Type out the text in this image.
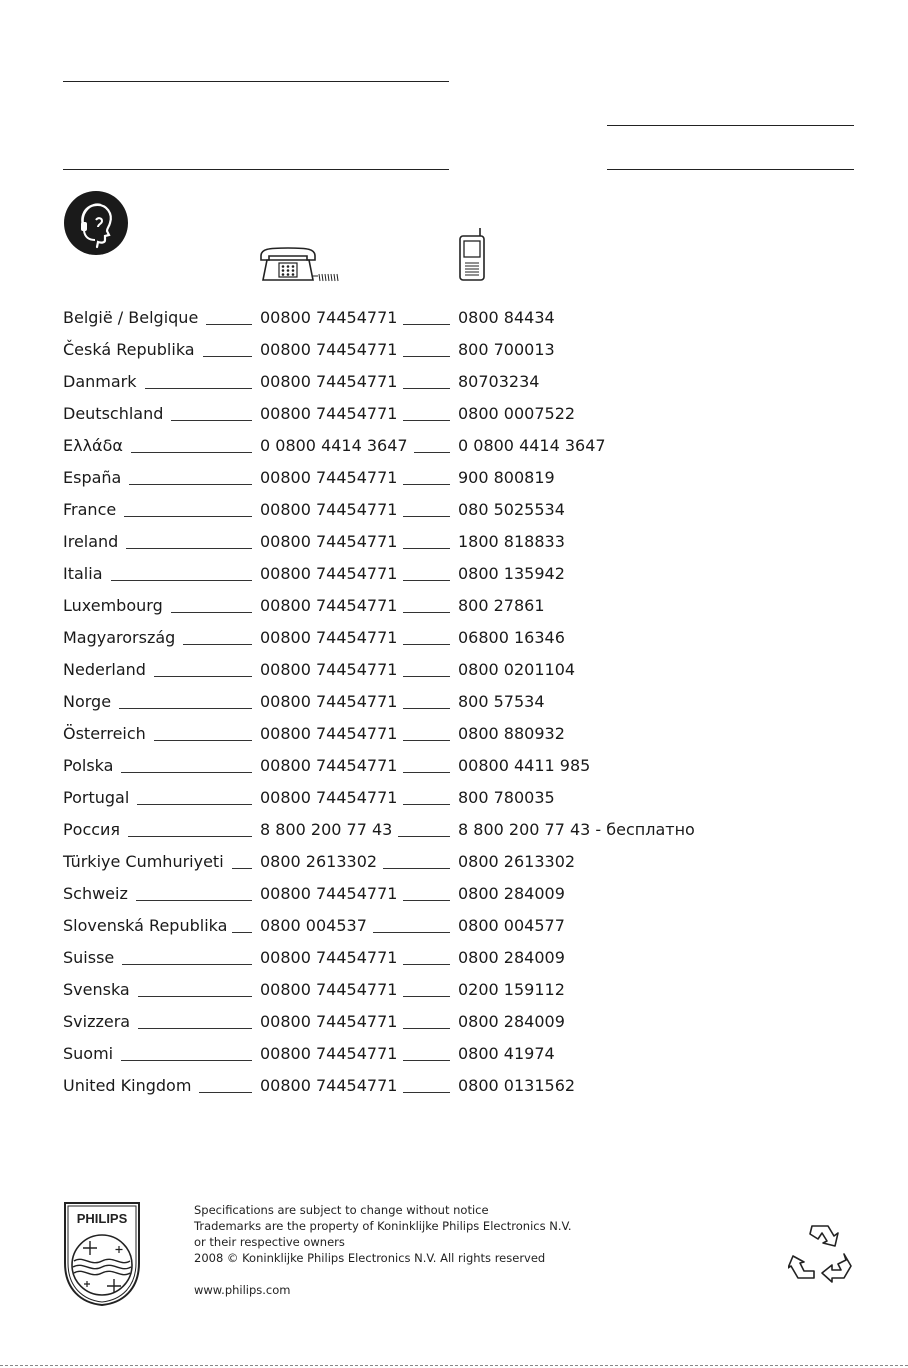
België / Belgique	00800 74454771	0800 84434
Česká Republika	00800 74454771	800 700013
Danmark	00800 74454771	80703234
Deutschland	00800 74454771	0800 0007522
Ελλάδα	0 0800 4414 3647	0 0800 4414 3647
España	00800 74454771	900 800819
France	00800 74454771	080 5025534
Ireland	00800 74454771	1800 818833
Italia	00800 74454771	0800 135942
Luxembourg	00800 74454771	800 27861
Magyarország	00800 74454771	06800 16346
Nederland	00800 74454771	0800 0201104
Norge	00800 74454771	800 57534
Österreich	00800 74454771	0800 880932
Polska	00800 74454771	00800 4411 985
Portugal	00800 74454771	800 780035
Россия	8 800 200 77 43	8 800 200 77 43 - бесплатно
Türkiye Cumhuriyeti 0800 2613302	0800 2613302
Schweiz	00800 74454771	0800 284009
Slovenská Republika 0800 004537	0800 004577
Suisse	00800 74454771	0800 284009
Svenska	00800 74454771	0200 159112
Svizzera	00800 74454771	0800 284009
Suomi	00800 74454771	0800 41974
United Kingdom	00800 74454771	0800 0131562
PHILIPS
Specifications are subject to change without notice
Trademarks are the property of Koninklijke Philips Electronics N.V.
or their respective owners
2008 © Koninklijke Philips Electronics N.V. All rights reserved
www.philips.com
